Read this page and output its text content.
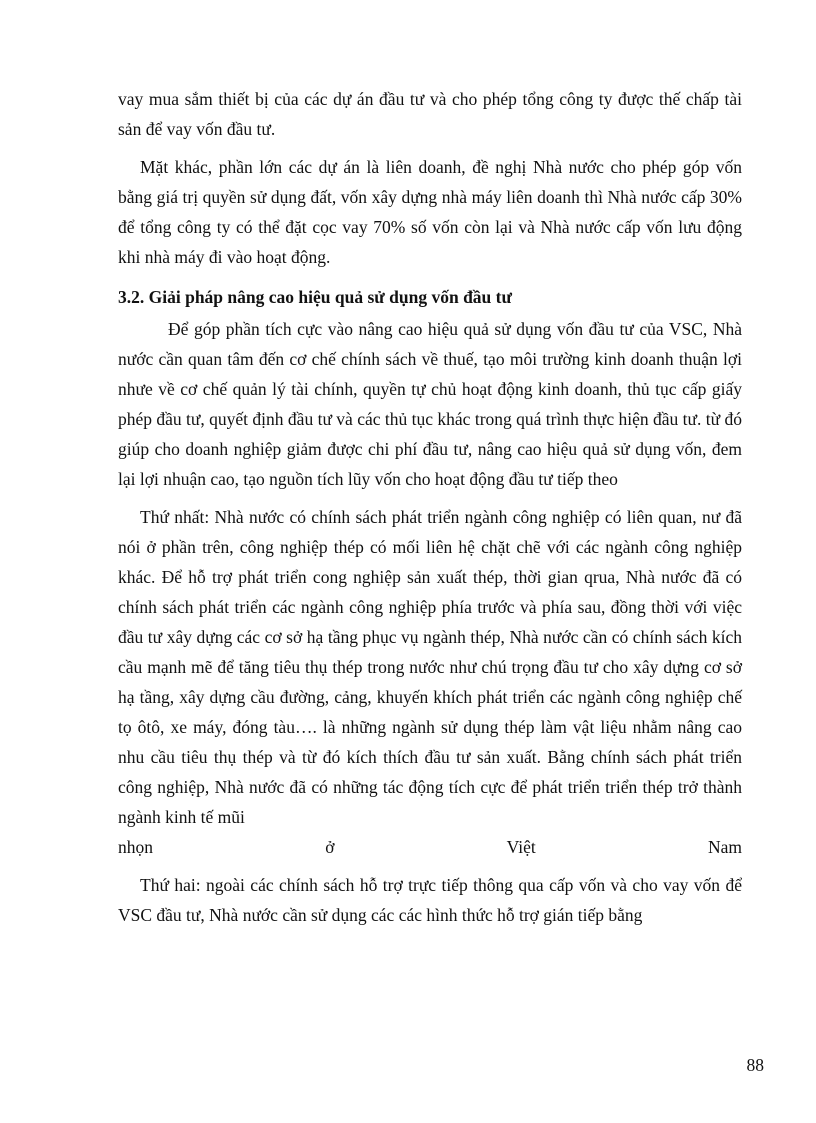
vay mua sắm thiết bị của các dự án đầu tư và cho phép tổng công ty được thế chấp tài sản để vay vốn đầu tư.

Mặt khác, phần lớn các dự án là liên doanh, đề nghị Nhà nước cho phép góp vốn bằng giá trị quyền sử dụng đất, vốn xây dựng nhà máy liên doanh thì Nhà nước cấp 30% để tổng công ty có thể đặt cọc vay 70% số vốn còn lại và Nhà nước cấp vốn lưu động khi nhà máy đi vào hoạt động.

3.2. Giải pháp nâng cao hiệu quả sử dụng vốn đầu tư

Để góp phần tích cực vào nâng cao hiệu quả sử dụng vốn đầu tư của VSC, Nhà nước cần quan tâm đến cơ chế chính sách về thuế, tạo môi trường kinh doanh thuận lợi nhưe về cơ chế quản lý tài chính, quyền tự chủ hoạt động kinh doanh, thủ tục cấp giấy phép đầu tư, quyết định đầu tư và các thủ tục khác trong quá trình thực hiện đầu tư. từ đó giúp cho doanh nghiệp giảm được chi phí đầu tư, nâng cao hiệu quả sử dụng vốn, đem lại lợi nhuận cao, tạo nguồn tích lũy vốn cho hoạt động đầu tư tiếp theo

Thứ nhất: Nhà nước có chính sách phát triển ngành công nghiệp có liên quan, nư đã nói ở phần trên, công nghiệp thép có mối liên hệ chặt chẽ với các ngành công nghiệp khác. Để hỗ trợ phát triển cong nghiệp sản xuất thép, thời gian qrua, Nhà nước đã có chính sách phát triển các ngành công nghiệp phía trước và phía sau, đồng thời với việc đầu tư xây dựng các cơ sở hạ tầng phục vụ ngành thép, Nhà nước cần có chính sách kích cầu mạnh mẽ để tăng tiêu thụ thép trong nước như chú trọng đầu tư cho xây dựng cơ sở hạ tầng, xây dựng cầu đường, cảng, khuyến khích phát triển các ngành công nghiệp chế tọ ôtô, xe máy, đóng tàu…. là những ngành sử dụng thép làm vật liệu nhằm nâng cao nhu cầu tiêu thụ thép và từ đó kích thích đầu tư sản xuất. Bằng chính sách phát triển công nghiệp, Nhà nước đã có những tác động tích cực để phát triển triển thép trở thành ngành kinh tế mũi

nhọn	ở	Việt	Nam

Thứ hai: ngoài các chính sách hỗ trợ trực tiếp thông qua cấp vốn và cho vay vốn để VSC đầu tư, Nhà nước cần sử dụng các các hình thức hỗ trợ gián tiếp bằng

88
